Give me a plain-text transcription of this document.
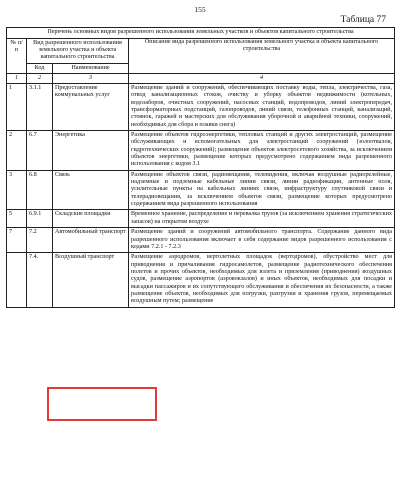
155
Таблица 77
Перечень основных видов разрешенного использования земельных участков и объектов капитального строительства			
№ п/п	Вид разрешенного использования земельного участка и объекта капитального строительства		Описание вида разрешенного использования земельного участка и объекта капитального строительства
	Код	Наименование	
1	2	3	4
1	3.1.1	Предоставление коммунальных услуг	Размещение зданий и сооружений, обеспечивающих поставку воды, тепла, электричества, газа, отвод канализационных стоков, очистку и уборку объектов недвижимости (котельных, водозаборов, очистных сооружений, насосных станций, водопроводов, линий электропередач, трансформаторных подстанций, газопроводов, линий связи, телефонных станций, канализаций, стоянок, гаражей и мастерских для обслуживания уборочной и аварийной техники, сооружений, необходимых для сбора и плавки снега)
2	6.7	Энергетика	Размещение объектов гидроэнергетики, тепловых станций и других электростанций, размещение обслуживающих и вспомогательных для электростанций сооружений (золоотвалов, гидротехнических сооружений); размещение объектов электросетевого хозяйства, за исключением объектов энергетики, размещение которых предусмотрено содержанием вида разрешенного использования с кодом 3.1
3	6.8	Связь	Размещение объектов связи, радиовещания, телевидения, включая воздушные радиорелейные, надземные и подземные кабельные линии связи, линии радиофикации, антенные поля, усилительные пункты на кабельных линиях связи, инфраструктуру спутниковой связи и телерадиовещания, за исключением объектов связи, размещение которых предусмотрено содержанием вида разрешенного использования
5	6.9.1	Складские площадки	Временное хранение, распределение и перевалка грузов (за исключением хранения стратегических запасов) на открытом воздухе
7	7.2	Автомобильный транспорт	Размещение зданий и сооружений автомобильного транспорта. Содержание данного вида разрешенного использования включает в себя содержание видов разрешенного использования с кодами 7.2.1 - 7.2.3
	7.4.	Воздушный транспорт	Размещение аэродромов, вертолетных площадок (вертодромов), обустройство мест для приводнения и причаливания гидросамолетов, размещение радиотехнического обеспечения полетов и прочих объектов, необходимых для взлета и приземления (приводнения) воздушных судов, размещение аэропортов (аэровокзалов) и иных объектов, необходимых для посадки и высадки пассажиров и их сопутствующего обслуживания и обеспечения их безопасности, а также размещение объектов, необходимых для погрузки, разгрузки и хранения грузов, перемещаемых воздушным путем; размещение
